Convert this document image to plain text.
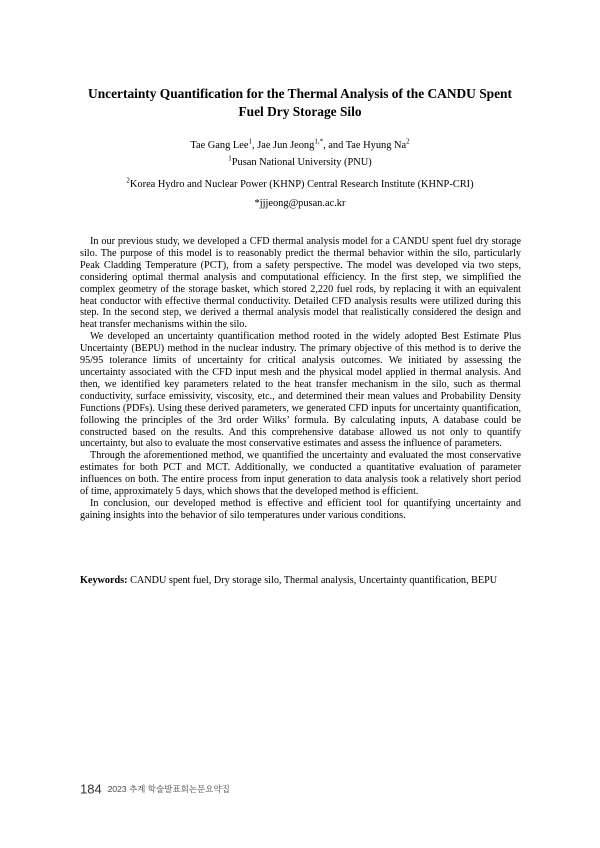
Uncertainty Quantification for the Thermal Analysis of the CANDU Spent Fuel Dry Storage Silo
Tae Gang Lee$^1$, Jae Jun Jeong$^{1,*}$, and Tae Hyung Na$^2$
$^1$Pusan National University (PNU)
$^2$Korea Hydro and Nuclear Power (KHNP) Central Research Institute (KHNP-CRI)
*jjjeong@pusan.ac.kr

In our previous study, we developed a CFD thermal analysis model for a CANDU spent fuel dry storage silo. The purpose of this model is to reasonably predict the thermal behavior within the silo, particularly Peak Cladding Temperature (PCT), from a safety perspective. The model was developed via two steps, considering optimal thermal analysis and computational efficiency. In the first step, we simplified the complex geometry of the storage basket, which stored 2,220 fuel rods, by replacing it with an equivalent heat conductor with effective thermal conductivity. Detailed CFD analysis results were utilized during this step. In the second step, we derived a thermal analysis model that realistically considered the design and heat transfer mechanisms within the silo.

We developed an uncertainty quantification method rooted in the widely adopted Best Estimate Plus Uncertainty (BEPU) method in the nuclear industry. The primary objective of this method is to derive the 95/95 tolerance limits of uncertainty for critical analysis outcomes. We initiated by assessing the uncertainty associated with the CFD input mesh and the physical model applied in thermal analysis. And then, we identified key parameters related to the heat transfer mechanism in the silo, such as thermal conductivity, surface emissivity, viscosity, etc., and determined their mean values and Probability Density Functions (PDFs). Using these derived parameters, we generated CFD inputs for uncertainty quantification, following the principles of the 3rd order Wilks’ formula. By calculating inputs, A database could be constructed based on the results. And this comprehensive database allowed us not only to quantify uncertainty, but also to evaluate the most conservative estimates and assess the influence of parameters.

Through the aforementioned method, we quantified the uncertainty and evaluated the most conservative estimates for both PCT and MCT. Additionally, we conducted a quantitative evaluation of parameter influences on both. The entire process from input generation to data analysis took a relatively short period of time, approximately 5 days, which shows that the developed method is efficient.

In conclusion, our developed method is effective and efficient tool for quantifying uncertainty and gaining insights into the behavior of silo temperatures under various conditions.

Keywords: CANDU spent fuel, Dry storage silo, Thermal analysis, Uncertainty quantification, BEPU
184 2023 추계 학술발표회논문요약집
